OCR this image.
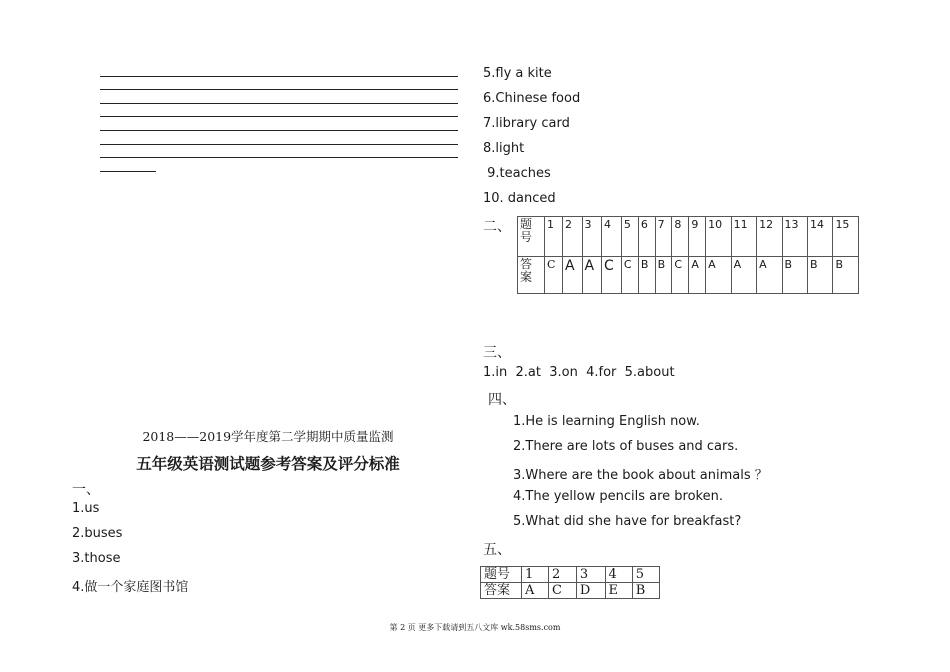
2018——2019学年度第二学期期中质量监测
五年级英语测试题参考答案及评分标准
一、
1.us
2.buses
3.those
4.做一个家庭图书馆
5.fly a kite
6.Chinese food
7.library card
8.light
9.teaches
10. danced
二、 题号	1	2	3	4	5	6	7	8	9	10	11	12	13	14	15
答案	C	A	A	C	C	B	B	C	A	A	A	A	B	B	B
三、
1.in  2.at  3.on  4.for  5.about
四、
1.He is learning English now.
2.There are lots of buses and cars.
3.Where are the book about animals ？
4.The yellow pencils are broken.
5.What did she have for breakfast?
五、
题号	1	2	3	4	5
答案	A	C	D	E	B
第 2 页 更多下载请到五八文库 wk.58sms.com
